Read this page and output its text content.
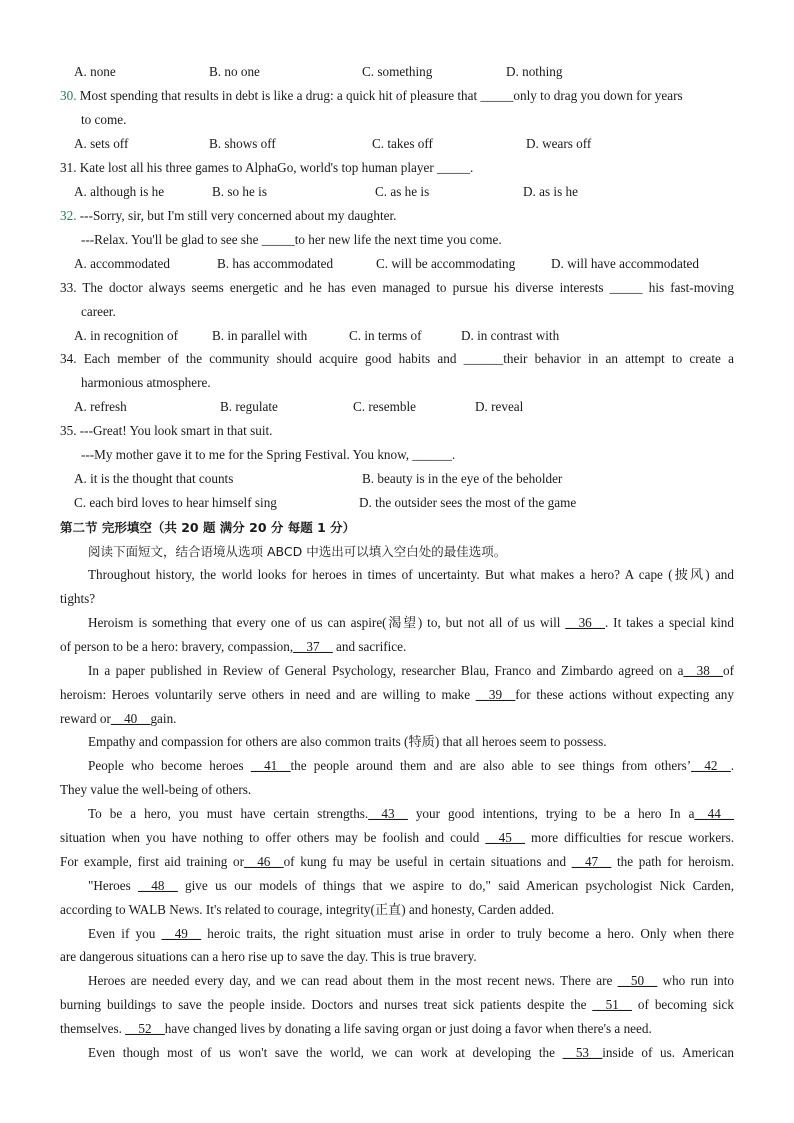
A. none	B. no one	C. something	D. nothing
30. Most spending that results in debt is like a drug: a quick hit of pleasure that _____only to drag you down for years
to come.
A. sets off	B. shows off	C. takes off	D. wears off
31. Kate lost all his three games to AlphaGo, world's top human player _____.
A. although is he	B. so he is	C. as he is	D. as is he
32. ---Sorry, sir, but I'm still very concerned about my daughter.
---Relax. You'll be glad to see she _____to her new life the next time you come.
A. accommodated	B. has accommodated	C. will be accommodating	D. will have accommodated
33. The doctor always seems energetic and he has even managed to pursue his diverse interests _____ his fast-moving
career.
A. in recognition of	B. in parallel with	C. in terms of	D. in contrast with
34. Each member of the community should acquire good habits and ______their behavior in an attempt to create a
harmonious atmosphere.
A. refresh	B. regulate	C. resemble	D. reveal
35. ---Great! You look smart in that suit.
---My mother gave it to me for the Spring Festival. You know, ______.
A. it is the thought that counts	B. beauty is in the eye of the beholder
C. each bird loves to hear himself sing	D. the outsider sees the most of the game
第二节 完形填空（共 20 题 满分 20 分 每题 1 分）
阅读下面短文，结合语境从选项 ABCD 中选出可以填入空白处的最佳选项。
Throughout history, the world looks for heroes in times of uncertainty. But what makes a hero? A cape (披风) and
tights?
Heroism is something that every one of us can aspire(渴望) to, but not all of us will __36__. It takes a special kind
of person to be a hero: bravery, compassion,__37__ and sacrifice.
In a paper published in Review of General Psychology, researcher Blau, Franco and Zimbardo agreed on a__38__of
heroism: Heroes voluntarily serve others in need and are willing to make __39__for these actions without expecting any
reward or__40__gain.
Empathy and compassion for others are also common traits (特质) that all heroes seem to possess.
People who become heroes __41__the people around them and are also able to see things from others’__42__.
They value the well-being of others.
To be a hero, you must have certain strengths.__43__ your good intentions, trying to be a hero In a__44__
situation when you have nothing to offer others may be foolish and could __45__ more difficulties for rescue workers.
For example, first aid training or__46__of kung fu may be useful in certain situations and __47__ the path for heroism.
"Heroes __48__ give us our models of things that we aspire to do," said American psychologist Nick Carden,
according to WALB News. It's related to courage, integrity(正直) and honesty, Carden added.
Even if you __49__ heroic traits, the right situation must arise in order to truly become a hero. Only when there
are dangerous situations can a hero rise up to save the day. This is true bravery.
Heroes are needed every day, and we can read about them in the most recent news. There are __50__ who run into
burning buildings to save the people inside. Doctors and nurses treat sick patients despite the __51__ of becoming sick
themselves. __52__have changed lives by donating a life saving organ or just doing a favor when there's a need.
Even though most of us won't save the world, we can work at developing the __53__inside of us. American
